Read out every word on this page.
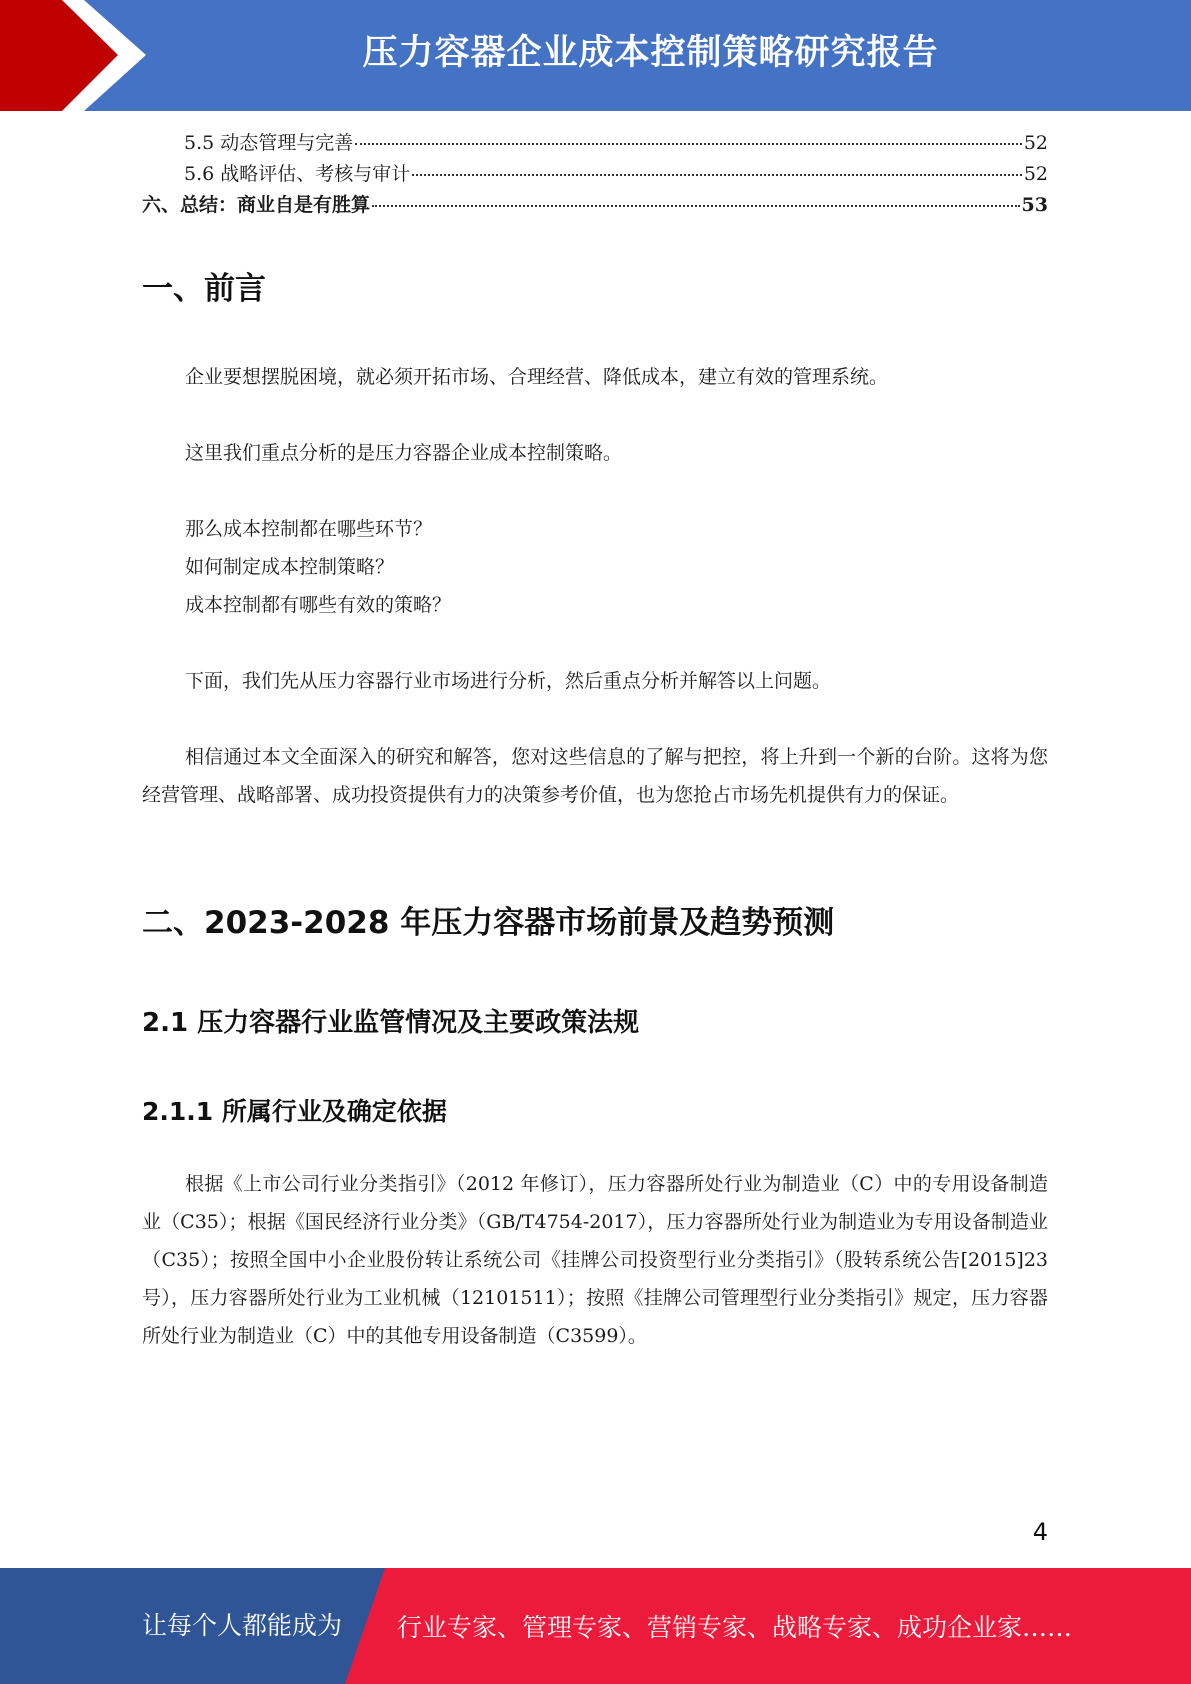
压力容器企业成本控制策略研究报告
5.5 动态管理与完善	52
5.6 战略评估、考核与审计	52
六、总结：商业自是有胜算	53
一、前言
企业要想摆脱困境，就必须开拓市场、合理经营、降低成本，建立有效的管理系统。
这里我们重点分析的是压力容器企业成本控制策略。
那么成本控制都在哪些环节？
如何制定成本控制策略？
成本控制都有哪些有效的策略？
下面，我们先从压力容器行业市场进行分析，然后重点分析并解答以上问题。
相信通过本文全面深入的研究和解答，您对这些信息的了解与把控，将上升到一个新的台阶。这将为您经营管理、战略部署、成功投资提供有力的决策参考价值，也为您抢占市场先机提供有力的保证。
二、2023-2028 年压力容器市场前景及趋势预测
2.1 压力容器行业监管情况及主要政策法规
2.1.1 所属行业及确定依据
根据《上市公司行业分类指引》（2012 年修订），压力容器所处行业为制造业（C）中的专用设备制造业（C35）；根据《国民经济行业分类》（GB/T4754-2017），压力容器所处行业为制造业为专用设备制造业（C35）；按照全国中小企业股份转让系统公司《挂牌公司投资型行业分类指引》（股转系统公告[2015]23 号），压力容器所处行业为工业机械（12101511）；按照《挂牌公司管理型行业分类指引》规定，压力容器所处行业为制造业（C）中的其他专用设备制造（C3599）。
4
让每个人都能成为 行业专家、管理专家、营销专家、战略专家、成功企业家……
